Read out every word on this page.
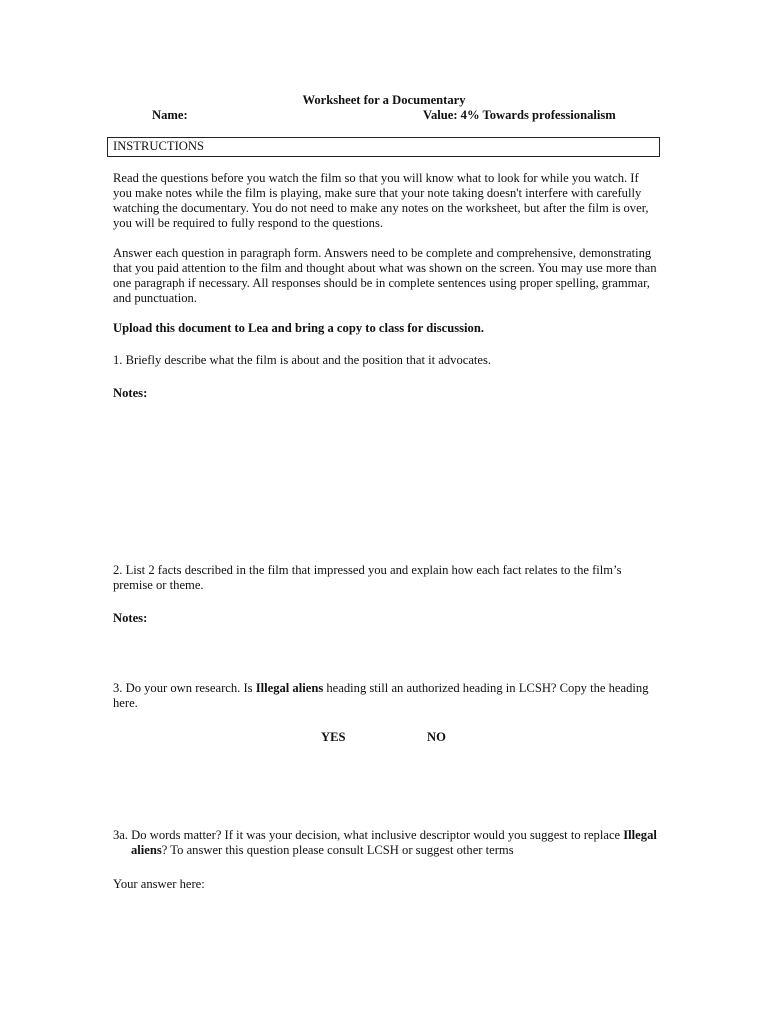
Worksheet for a Documentary
Name:	Value: 4% Towards professionalism
INSTRUCTIONS
Read the questions before you watch the film so that you will know what to look for while you watch. If you make notes while the film is playing, make sure that your note taking doesn't interfere with carefully watching the documentary. You do not need to make any notes on the worksheet, but after the film is over, you will be required to fully respond to the questions.
Answer each question in paragraph form. Answers need to be complete and comprehensive, demonstrating that you paid attention to the film and thought about what was shown on the screen. You may use more than one paragraph if necessary. All responses should be in complete sentences using proper spelling, grammar, and punctuation.
Upload this document to Lea and bring a copy to class for discussion.
1. Briefly describe what the film is about and the position that it advocates.
Notes:
2. List 2 facts described in the film that impressed you and explain how each fact relates to the film’s premise or theme.
Notes:
3. Do your own research. Is Illegal aliens heading still an authorized heading in LCSH? Copy the heading here.
YES	NO
3a. Do words matter? If it was your decision, what inclusive descriptor would you suggest to replace Illegal aliens? To answer this question please consult LCSH or suggest other terms
Your answer here:
